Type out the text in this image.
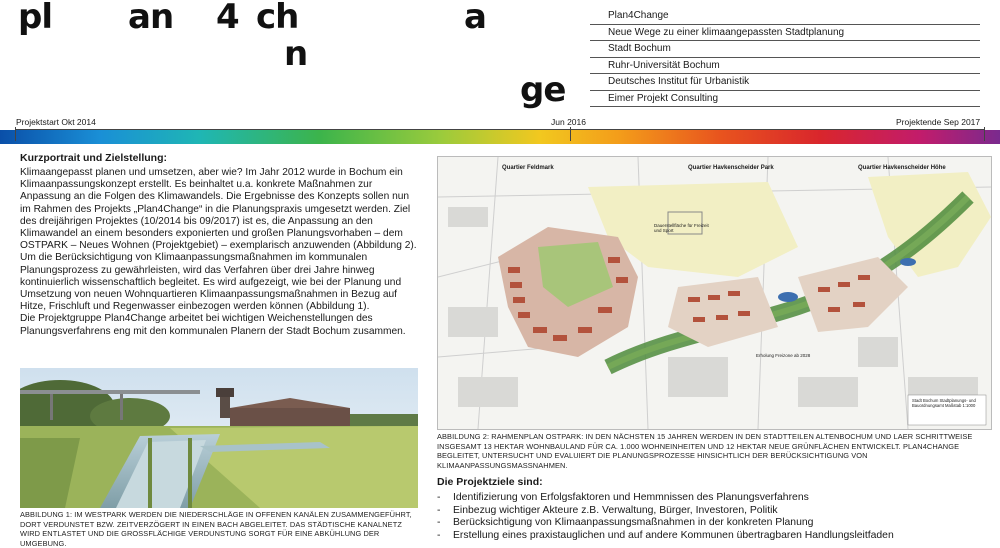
pl an 4 ch
n
a
ge
Plan4Change
Neue Wege zu einer klimaangepassten Stadtplanung
Stadt Bochum
Ruhr-Universität Bochum
Deutsches Institut für Urbanistik
Eimer Projekt Consulting
Projektstart Okt 2014	Jun 2016	Projektende Sep 2017
Kurzportrait und Zielstellung:

Klimaangepasst planen und umsetzen, aber wie? Im Jahr 2012 wurde in Bochum ein Klimaanpassungskonzept erstellt. Es beinhaltet u.a. konkrete Maßnahmen zur Anpassung an die Folgen des Klimawandels. Die Ergebnisse des Konzepts sollen nun im Rahmen des Projekts „Plan4Change“ in die Planungspraxis umgesetzt werden. Ziel des dreijährigen Projektes (10/2014 bis 09/2017) ist es, die Anpassung an den Klimawandel an einem besonders exponierten und großen Planungsvorhaben – dem OSTPARK – Neues Wohnen (Projektgebiet) – exemplarisch anzuwenden (Abbildung 2).

Um die Berücksichtigung von Klimaanpassungsmaßnahmen im kommunalen Planungsprozess zu gewährleisten, wird das Verfahren über drei Jahre hinweg kontinuierlich wissenschaftlich begleitet. Es wird aufgezeigt, wie bei der Planung und Umsetzung von neuen Wohnquartieren Klimaanpassungsmaßnahmen in Bezug auf Hitze, Frischluft und Regenwasser einbezogen werden können (Abbildung 1).

Die Projektgruppe Plan4Change arbeitet bei wichtigen Weichenstellungen des Planungsverfahrens eng mit den kommunalen Planern der Stadt Bochum zusammen.

ABBILDUNG 1: IM WESTPARK WERDEN DIE NIEDERSCHLÄGE IN OFFENEN KANÄLEN ZUSAMMENGEFÜHRT, DORT VERDUNSTET BZW. ZEITVERZÖGERT IN EINEN BACH ABGELEITET. DAS STÄDTISCHE KANALNETZ WIRD ENTLASTET UND DIE GROSSFLÄCHIGE VERDUNSTUNG SORGT FÜR EINE ABKÜHLUNG DER UMGEBUNG.
Quartier Feldmark	Quartier Havkenscheider Park	Quartier Havkenscheider Höhe
Dauerstellfläche für Freizeit und Sport
Erholung Freizone ab 2028
Stadt Bochum Stadtplanungs- und Bauordnungsamt Maßstab 1:1000
ABBILDUNG 2: RAHMENPLAN OSTPARK: IN DEN NÄCHSTEN 15 JAHREN WERDEN IN DEN STADTTEILEN ALTENBOCHUM UND LAER SCHRITTWEISE INSGESAMT 13 HEKTAR WOHNBAULAND FÜR CA. 1.000 WOHNEINHEITEN UND 12 HEKTAR NEUE GRÜNFLÄCHEN ENTWICKELT. PLAN4CHANGE BEGLEITET, UNTERSUCHT UND EVALUIERT DIE PLANUNGSPROZESSE HINSICHTLICH DER BERÜCKSICHTIGUNG VON KLIMAANPASSUNGSMASSNAHMEN.
Die Projektziele sind:
- Identifizierung von Erfolgsfaktoren und Hemmnissen des Planungsverfahrens
- Einbezug wichtiger Akteure z.B. Verwaltung, Bürger, Investoren, Politik
- Berücksichtigung von Klimaanpassungsmaßnahmen in der konkreten Planung
- Erstellung eines praxistauglichen und auf andere Kommunen übertragbaren Handlungsleitfaden
